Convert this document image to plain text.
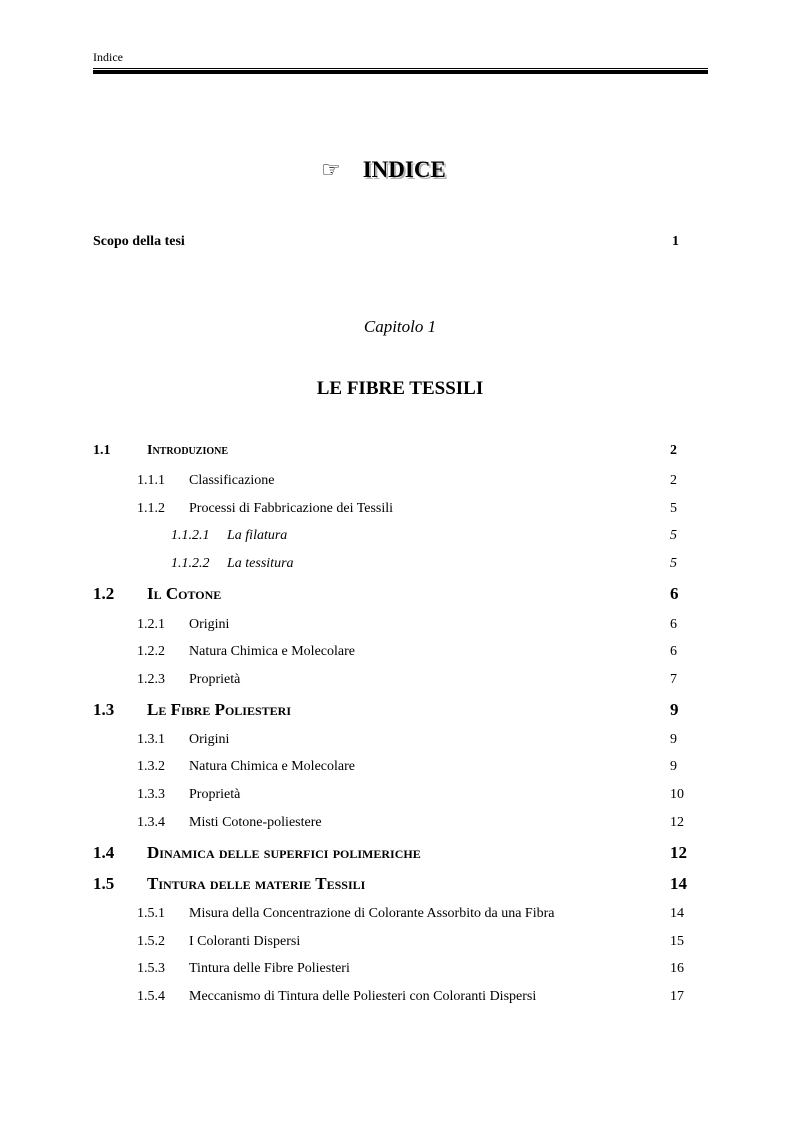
Indice
☞ INDICE
Scopo della tesi	1
Capitolo 1
LE FIBRE TESSILI
1.1	Introduzione	2
1.1.1 Classificazione	2
1.1.2 Processi di Fabbricazione dei Tessili	5
1.1.2.1 La filatura	5
1.1.2.2 La tessitura	5
1.2 Il Cotone	6
1.2.1 Origini	6
1.2.2 Natura Chimica e Molecolare	6
1.2.3 Proprietà	7
1.3 Le Fibre Poliesteri	9
1.3.1 Origini	9
1.3.2 Natura Chimica e Molecolare	9
1.3.3 Proprietà	10
1.3.4 Misti Cotone-poliestere	12
1.4 Dinamica delle superfici polimeriche	12
1.5 Tintura delle materie Tessili	14
1.5.1 Misura della Concentrazione di Colorante Assorbito da una Fibra	14
1.5.2 I Coloranti Dispersi	15
1.5.3 Tintura delle Fibre Poliesteri	16
1.5.4 Meccanismo di Tintura delle Poliesteri con Coloranti Dispersi	17
